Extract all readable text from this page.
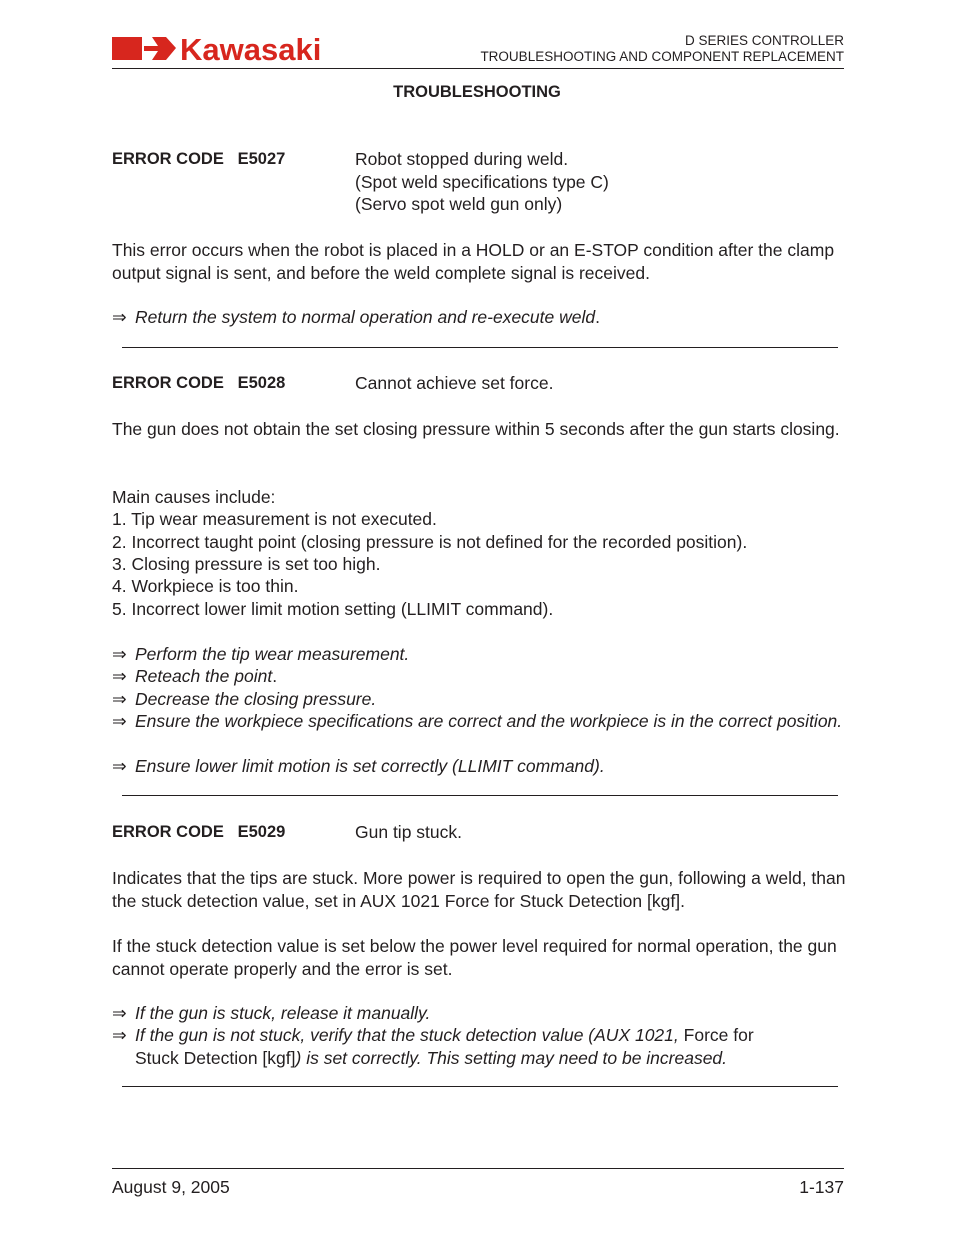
Kawasaki	D SERIES CONTROLLER
TROUBLESHOOTING AND COMPONENT REPLACEMENT
TROUBLESHOOTING
ERROR CODE E5027	Robot stopped during weld.
(Spot weld specifications type C)
(Servo spot weld gun only)
This error occurs when the robot is placed in a HOLD or an E-STOP condition after the clamp output signal is sent, and before the weld complete signal is received.
⇒ Return the system to normal operation and re-execute weld.
ERROR CODE E5028	Cannot achieve set force.
The gun does not obtain the set closing pressure within 5 seconds after the gun starts closing.
Main causes include:
1. Tip wear measurement is not executed.
2. Incorrect taught point (closing pressure is not defined for the recorded position).
3. Closing pressure is set too high.
4. Workpiece is too thin.
5. Incorrect lower limit motion setting (LLIMIT command).
⇒ Perform the tip wear measurement.
⇒ Reteach the point.
⇒ Decrease the closing pressure.
⇒ Ensure the workpiece specifications are correct and the workpiece is in the correct position.
⇒ Ensure lower limit motion is set correctly (LLIMIT command).
ERROR CODE E5029	Gun tip stuck.
Indicates that the tips are stuck. More power is required to open the gun, following a weld, than the stuck detection value, set in AUX 1021 Force for Stuck Detection [kgf].
If the stuck detection value is set below the power level required for normal operation, the gun cannot operate properly and the error is set.
⇒ If the gun is stuck, release it manually.
⇒ If the gun is not stuck, verify that the stuck detection value (AUX 1021, Force for
Stuck Detection [kgf]) is set correctly. This setting may need to be increased.
August 9, 2005	1-137
